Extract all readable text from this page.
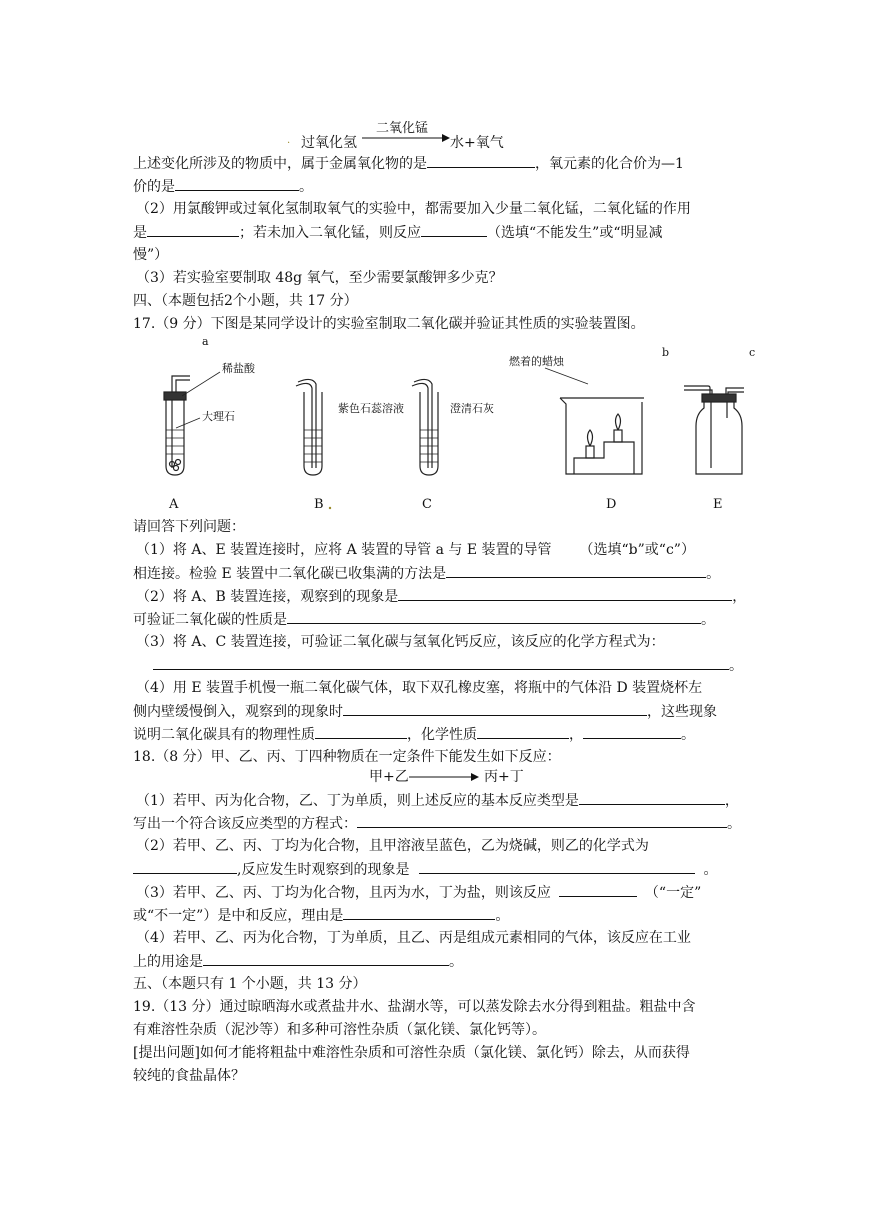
. 过氧化氢
二氧化锰
水+氧气
上述变化所涉及的物质中，属于金属氧化物的是	，氧元素的化合价为—1
价的是	。
（2）用氯酸钾或过氧化氢制取氧气的实验中，都需要加入少量二氧化锰，二氧化锰的作用
是	；若未加入二氧化锰，则反应	（选填“不能发生”或“明显减
慢”）
（3）若实验室要制取 48g 氧气，至少需要氯酸钾多少克？
四、（本题包括2个小题，共 17 分）
17.（9 分）下图是某同学设计的实验室制取二氧化碳并验证其性质的实验装置图。
a
b	c
稀盐酸
大理石
紫色石蕊溶液	澄清石灰
燃着的蜡烛
A	B	C	D	E
请回答下列问题：
（1）将 A、E 装置连接时，应将 A 装置的导管 a 与 E 装置的导管 （选填“b”或“c”）
相连接。检验 E 装置中二氧化碳已收集满的方法是	。
（2）将 A、B 装置连接，观察到的现象是	，
可验证二氧化碳的性质是	。
（3）将 A、C 装置连接，可验证二氧化碳与氢氧化钙反应，该反应的化学方程式为：
。
（4）用 E 装置手机慢一瓶二氧化碳气体，取下双孔橡皮塞，将瓶中的气体沿 D 装置烧杯左
侧内壁缓慢倒入，观察到的现象时	，这些现象
说明二氧化碳具有的物理性质	，化学性质	，	。
18.（8 分）甲、乙、丙、丁四种物质在一定条件下能发生如下反应：
甲+乙	丙+丁
（1）若甲、丙为化合物，乙、丁为单质，则上述反应的基本反应类型是	，
写出一个符合该反应类型的方程式：	。
（2）若甲、乙、丙、丁均为化合物，且甲溶液呈蓝色，乙为烧碱，则乙的化学式为
,反应发生时观察到的现象是	。
（3）若甲、乙、丙、丁均为化合物，且丙为水，丁为盐，则该反应	（“一定”
或“不一定”）是中和反应，理由是	。
（4）若甲、乙、丙为化合物，丁为单质，且乙、丙是组成元素相同的气体，该反应在工业
上的用途是	。
五、（本题只有 1 个小题，共 13 分）
19.（13 分）通过晾晒海水或煮盐井水、盐湖水等，可以蒸发除去水分得到粗盐。粗盐中含
有难溶性杂质（泥沙等）和多种可溶性杂质（氯化镁、氯化钙等）。
[提出问题]如何才能将粗盐中难溶性杂质和可溶性杂质（氯化镁、氯化钙）除去，从而获得
较纯的食盐晶体？
